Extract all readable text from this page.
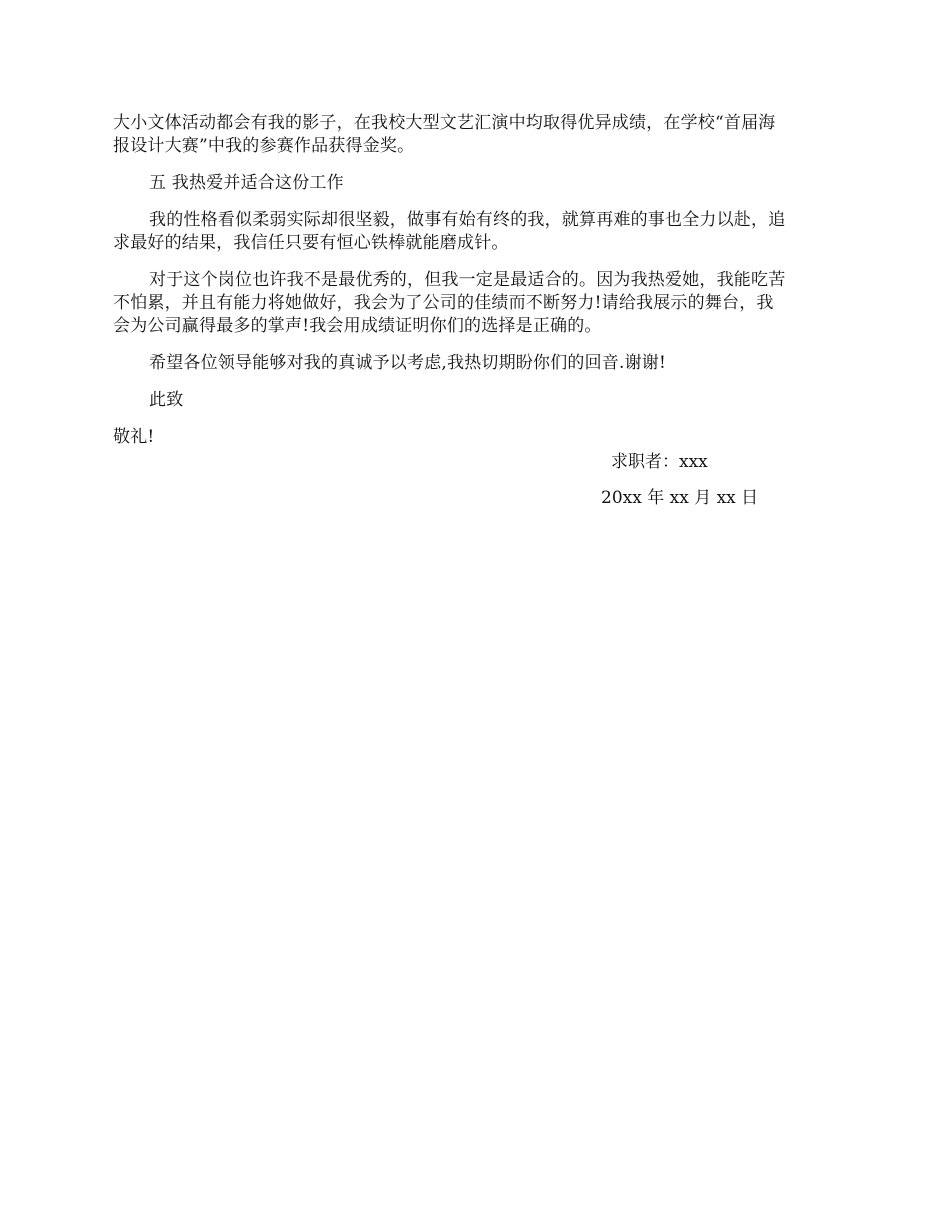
大小文体活动都会有我的影子，在我校大型文艺汇演中均取得优异成绩，在学校“首届海
报设计大赛”中我的参赛作品获得金奖。

五 我热爱并适合这份工作

我的性格看似柔弱实际却很坚毅，做事有始有终的我，就算再难的事也全力以赴，追
求最好的结果，我信任只要有恒心铁棒就能磨成针。

对于这个岗位也许我不是最优秀的，但我一定是最适合的。因为我热爱她，我能吃苦
不怕累，并且有能力将她做好，我会为了公司的佳绩而不断努力!请给我展示的舞台，我
会为公司赢得最多的掌声!我会用成绩证明你们的选择是正确的。

希望各位领导能够对我的真诚予以考虑,我热切期盼你们的回音.谢谢!

此致

敬礼!

求职者：xxx
20xx 年 xx 月 xx 日
